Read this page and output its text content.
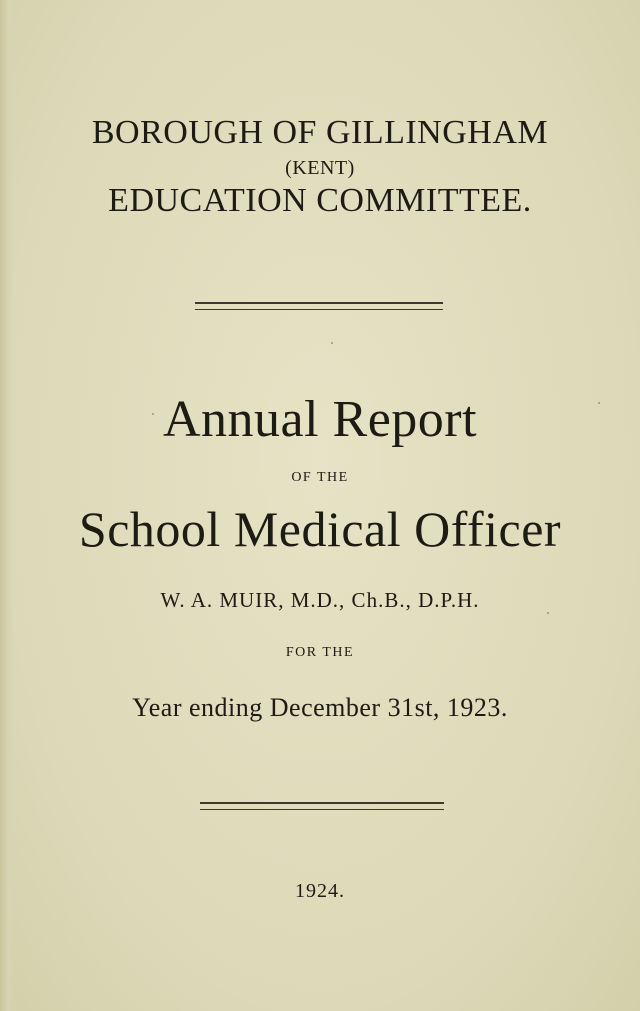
BOROUGH OF GILLINGHAM
(KENT)
EDUCATION COMMITTEE.
Annual Report
OF THE
School Medical Officer
W. A. MUIR, M.D., Ch.B., D.P.H.
FOR THE
Year ending December 31st, 1923.
1924.
